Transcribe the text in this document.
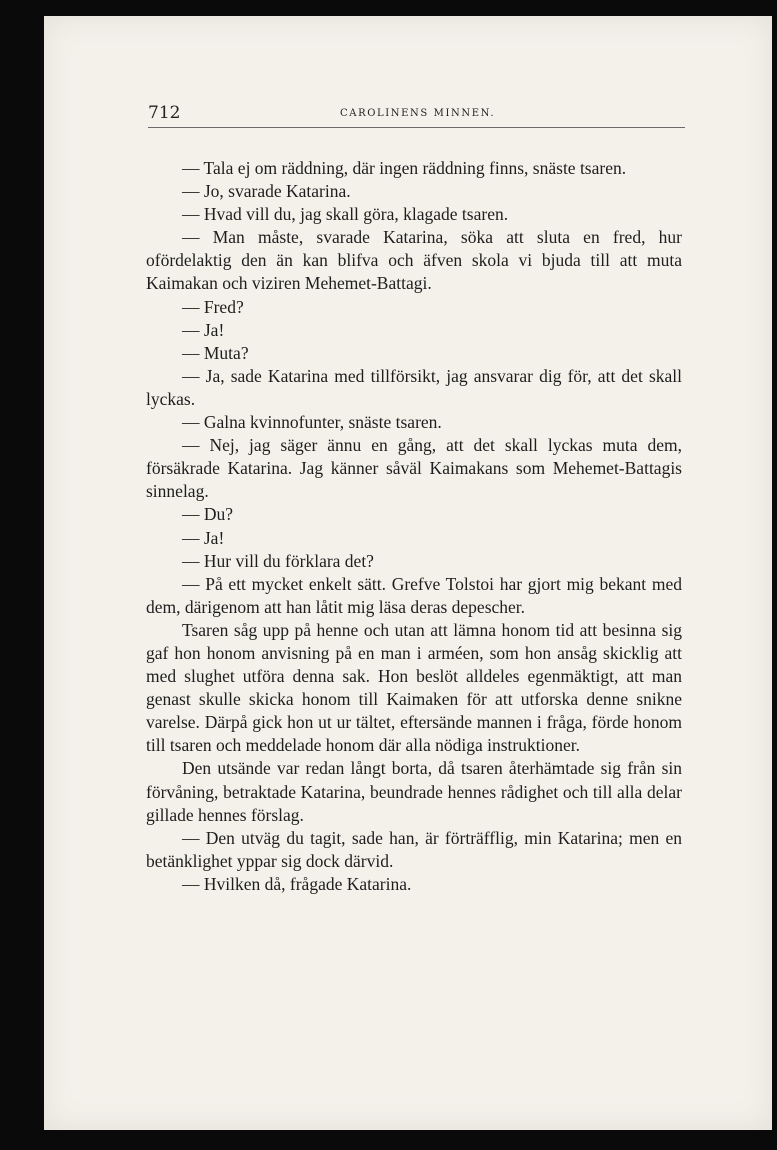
712	CAROLINENS MINNEN.

— Tala ej om räddning, där ingen räddning finns, snäste tsaren.

— Jo, svarade Katarina.

— Hvad vill du, jag skall göra, klagade tsaren.

— Man måste, svarade Katarina, söka att sluta en fred, hur ofördelaktig den än kan blifva och äfven skola vi bjuda till att muta Kaimakan och viziren Mehemet-Battagi.

— Fred?

— Ja!

— Muta?

— Ja, sade Katarina med tillförsikt, jag ansvarar dig för, att det skall lyckas.

— Galna kvinnofunter, snäste tsaren.

— Nej, jag säger ännu en gång, att det skall lyckas muta dem, försäkrade Katarina. Jag känner såväl Kaimakans som Mehemet-Battagis sinnelag.

— Du?

— Ja!

— Hur vill du förklara det?

— På ett mycket enkelt sätt. Grefve Tolstoi har gjort mig bekant med dem, därigenom att han låtit mig läsa deras depescher.

Tsaren såg upp på henne och utan att lämna honom tid att besinna sig gaf hon honom anvisning på en man i arméen, som hon ansåg skicklig att med slughet utföra denna sak. Hon beslöt alldeles egenmäktigt, att man genast skulle skicka honom till Kaimaken för att utforska denne snikne varelse. Därpå gick hon ut ur tältet, eftersände mannen i fråga, förde honom till tsaren och meddelade honom där alla nödiga instruktioner.

Den utsände var redan långt borta, då tsaren återhämtade sig från sin förvåning, betraktade Katarina, beundrade hennes rådighet och till alla delar gillade hennes förslag.

— Den utväg du tagit, sade han, är förträfflig, min Katarina; men en betänklighet yppar sig dock därvid.

— Hvilken då, frågade Katarina.
